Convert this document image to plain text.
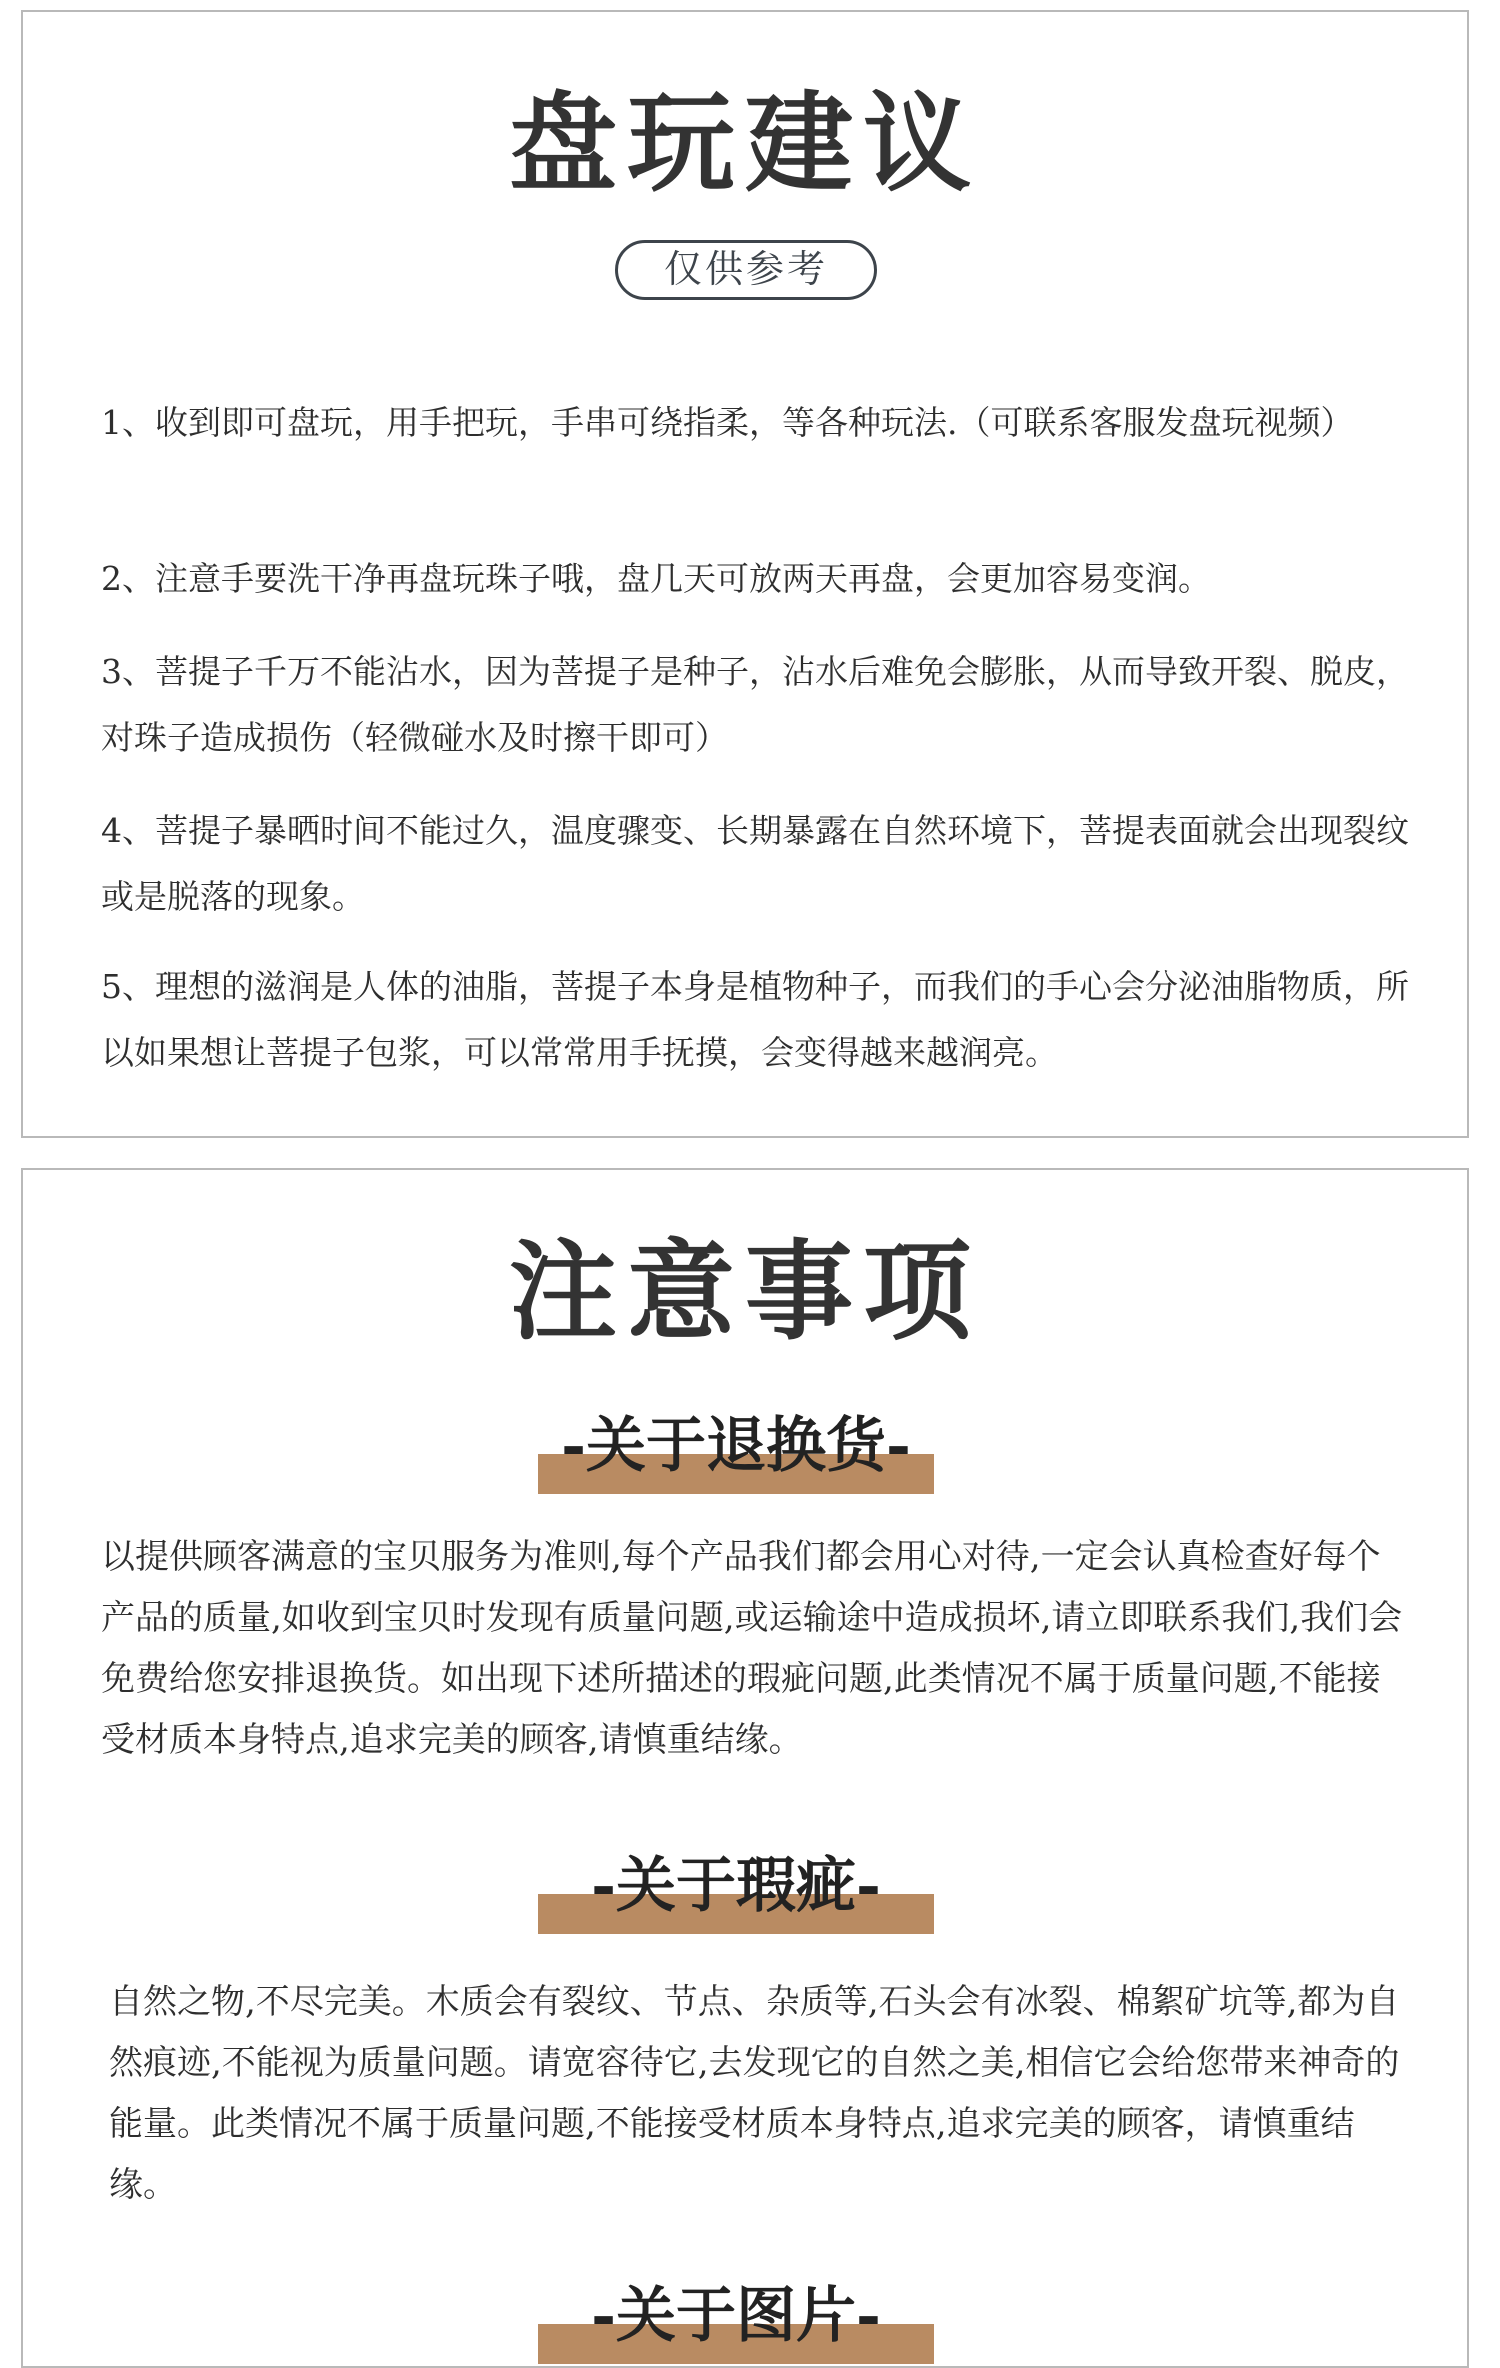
盘玩建议
仅供参考

1、收到即可盘玩，用手把玩，手串可绕指柔，等各种玩法.（可联系客服发盘玩视频）

2、注意手要洗干净再盘玩珠子哦，盘几天可放两天再盘，会更加容易变润。

3、菩提子千万不能沾水，因为菩提子是种子，沾水后难免会膨胀，从而导致开裂、脱皮，对珠子造成损伤（轻微碰水及时擦干即可）

4、菩提子暴晒时间不能过久，温度骤变、长期暴露在自然环境下，菩提表面就会出现裂纹或是脱落的现象。

5、理想的滋润是人体的油脂，菩提子本身是植物种子，而我们的手心会分泌油脂物质，所以如果想让菩提子包浆，可以常常用手抚摸，会变得越来越润亮。

注意事项
-关于退换货-

以提供顾客满意的宝贝服务为准则,每个产品我们都会用心对待,一定会认真检查好每个产品的质量,如收到宝贝时发现有质量问题,或运输途中造成损坏,请立即联系我们,我们会免费给您安排退换货。如出现下述所描述的瑕疵问题,此类情况不属于质量问题,不能接受材质本身特点,追求完美的顾客,请慎重结缘。

-关于瑕疵-

自然之物,不尽完美。木质会有裂纹、节点、杂质等,石头会有冰裂、棉絮矿坑等,都为自然痕迹,不能视为质量问题。请宽容待它,去发现它的自然之美,相信它会给您带来神奇的能量。此类情况不属于质量问题,不能接受材质本身特点,追求完美的顾客，请慎重结缘。

-关于图片-
